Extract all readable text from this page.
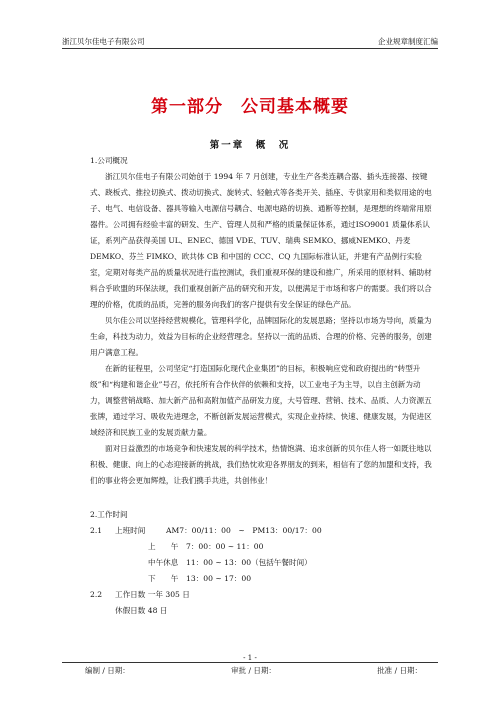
浙江贝尔佳电子有限公司	企业规章制度汇编
第一部分　公司基本概要
第一章　概　况

1.公司概况

浙江贝尔佳电子有限公司始创于 1994 年 7 月创建，专业生产各类连耦合器、插头连接器、按键式、跷板式、推拉切换式、拨动切换式、旋转式、轻触式等各类开关、插座、专供家用和类似用途的电子、电气、电信设备、器具等输入电源信号耦合、电源电路的切换、通断等控制，是理想的终端常用原器件。公司拥有经验丰富的研发、生产、管理人员和严格的质量保证体系，通过ISO9001 质量体系认证，系列产品获得美国 UL、ENEC、德国 VDE、TUV、瑞典 SEMKO、挪威NEMKO、丹麦 DEMKO、芬兰 FIMKO、欧共体 CB 和中国的 CCC、CQ 九国际标准认证，并建有产品例行实验室，定期对每类产品的质量状况进行监控测试，我们重视环保的建设和推广，所采用的原材料、辅助材料合乎欧盟的环保法规，我们重视创新产品的研究和开发，以便满足于市场和客户的需要。我们将以合理的价格，优质的品质，完善的服务向我们的客户提供有安全保证的绿色产品。

贝尔佳公司以坚持经营规模化，管理科学化，品牌国际化的发展思路；坚持以市场为导向，质量为生命，科技为动力，效益为目标的企业经营理念。坚持以一流的品质、合理的价格、完善的服务，创建用户满意工程。

在新的征程里，公司坚定“打造国际化现代企业集团”的目标，积极响应党和政府提出的“转型升级”和“构建和谐企业”号召，依托所有合作伙伴的依赖和支持，以工业电子为主导，以自主创新为动力，调整营销战略、加大新产品和高附加值产品研发力度，大号管理、营销、技术、品质、人力资源五张牌，通过学习、吸收先进理念，不断创新发展运营模式，实现企业持续、快速、健康发展，为促进区域经济和民族工业的发展贡献力量。

面对日益激烈的市场竞争和快速发展的科学技术，热情饱满、追求创新的贝尔佳人将一如既往地以积极、健康、向上的心态迎接新的挑战，我们热忱欢迎各界朋友的到来，相信有了您的加盟和支持，我们的事业将会更加辉煌，让我们携手共进，共创伟业！

2.工作时间

2.1	上班时间	AM7：00/11：00　~　PM13：00/17：00
上　　午	7：00：00 ~ 11：00
中午休息	11：00 ~ 13：00（包括午餐时间）
下　　午	13：00 ~ 17：00
2.2	工作日数 一年 305 日
休假日数 48 日
- 1 -
编制 / 日期：	审批 / 日期：	批准 / 日期：
